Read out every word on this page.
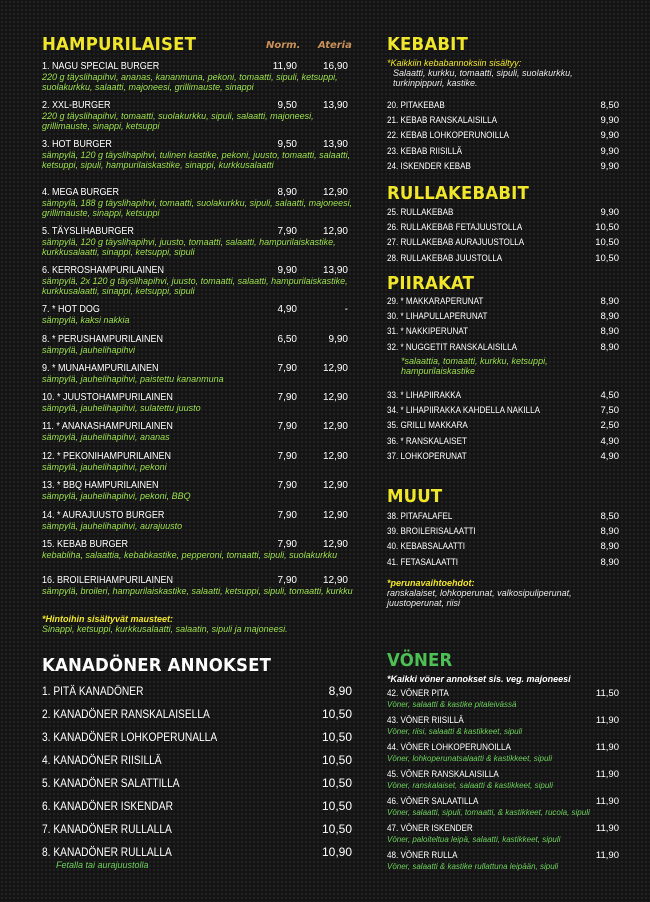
HAMPURILAISET	Norm. Ateria
1. NAGU SPECIAL BURGER	11,90	16,90
220 g täyslihapihvi, ananas, kananmuna, pekoni, tomaatti, sipuli, ketsuppi, suolakurkku, salaatti, majoneesi, grillimauste, sinappi
2. XXL-BURGER	9,50	13,90
220 g täyslihapihvi, tomaatti, suolakurkku, sipuli, salaatti, majoneesi, grillimauste, sinappi, ketsuppi
3. HOT BURGER	9,50	13,90
sämpylä, 120 g täyslihapihvi, tulinen kastike, pekoni, juusto, tomaatti, salaatti, ketsuppi, sipuli, hampurilaiskastike, sinappi, kurkkusalaatti
4. MEGA BURGER	8,90	12,90
sämpylä, 188 g täyslihapihvi, tomaatti, suolakurkku, sipuli, salaatti, majoneesi, grillimauste, sinappi, ketsuppi
5. TÄYSLIHABURGER	7,90	12,90
sämpylä, 120 g täyslihapihvi, juusto, tomaatti, salaatti, hampurilaiskastike, kurkkusalaatti, sinappi, ketsuppi, sipuli
6. KERROSHAMPURILAINEN	9,90	13,90
sämpylä, 2x 120 g täyslihapihvi, juusto, tomaatti, salaatti, hampurilaiskastike, kurkkusalaatti, sinappi, ketsuppi, sipuli
7. * HOT DOG	4,90	-
sämpylä, kaksi nakkia
8. * PERUSHAMPURILAINEN	6,50	9,90
sämpylä, jauhelihapihvi
9. * MUNAHAMPURILAINEN	7,90	12,90
sämpylä, jauhelihapihvi, paistettu kananmuna
10. * JUUSTOHAMPURILAINEN	7,90	12,90
sämpylä, jauhelihapihvi, sulatettu juusto
11. * ANANASHAMPURILAINEN	7,90	12,90
sämpylä, jauhelihapihvi, ananas
12. * PEKONIHAMPURILAINEN	7,90	12,90
sämpylä, jauhelihapihvi, pekoni
13. * BBQ HAMPURILAINEN	7,90	12,90
sämpylä, jauhelihapihvi, pekoni, BBQ
14. * AURAJUUSTO BURGER	7,90	12,90
sämpylä, jauhelihapihvi, aurajuusto
15. KEBAB BURGER	7,90	12,90
kebabliha, salaattia, kebabkastike, pepperoni, tomaatti, sipuli, suolakurkku
16. BROILERIHAMPURILAINEN	7,90	12,90
sämpylä, broileri, hampurilaiskastike, salaatti, ketsuppi, sipuli, tomaatti, kurkku
*Hintoihin sisältyvät mausteet:
Sinappi, ketsuppi, kurkkusalaatti, salaatin, sipuli ja majoneesi.
KANADÖNER ANNOKSET
1. PITÄ KANADÖNER	8,90
2. KANADÖNER RANSKALAISELLA	10,50
3. KANADÖNER LOHKOPERUNALLA	10,50
4. KANADÖNER RIISILLÄ	10,50
5. KANADÖNER SALATTILLA	10,50
6. KANADÖNER ISKENDAR	10,50
7. KANADÖNER RULLALLA	10,50
8. KANADÖNER RULLALLA	10,90
Fetalla tai aurajuustolla
KEBABIT
*Kaikkiin kebabannoksiin sisältyy:
Salaatti, kurkku, tomaatti, sipuli, suolakurkku, turkinpippuri, kastike.
20. PITAKEBAB	8,50
21. KEBAB RANSKALAISILLA	9,90
22. KEBAB LOHKOPERUNOILLA	9,90
23. KEBAB RIISILLÄ	9,90
24. ISKENDER KEBAB	9,90
RULLAKEBABIT
25. RULLAKEBAB	9,90
26. RULLAKEBAB FETAJUUSTOLLA	10,50
27. RULLAKEBAB AURAJUUSTOLLA	10,50
28. RULLAKEBAB JUUSTOLLA	10,50
PIIRAKAT
29. * MAKKARAPERUNAT	8,90
30. * LIHAPULLAPERUNAT	8,90
31. * NAKKIPERUNAT	8,90
32. * NUGGETIT RANSKALAISILLA	8,90
*salaattia, tomaatti, kurkku, ketsuppi, hampurilaiskastike
33. * LIHAPIIRAKKA	4,50
34. * LIHAPIIRAKKA KAHDELLA NAKILLA	7,50
35. GRILLI MAKKARA	2,50
36. * RANSKALAISET	4,90
37. LOHKOPERUNAT	4,90
MUUT
38. PITAFALAFEL	8,50
39. BROILERISALAATTI	8,90
40. KEBABSALAATTI	8,90
41. FETASALAATTI	8,90
*perunavaihtoehdot:
ranskalaiset, lohkoperunat, valkosipuliperunat, juustoperunat, riisi
VÖNER
*Kaikki vöner annokset sis. veg. majoneesi
42. VÖNER PITA	11,50
Vöner, salaatti & kastike pitaleivässä
43. VÖNER RIISILLÄ	11,90
Vöner, riisi, salaatti & kastikkeet, sipuli
44. VÖNER LOHKOPERUNOILLA	11,90
Vöner, lohkoperunatsalaatti & kastikkeet, sipuli
45. VÖNER RANSKALAISILLA	11,90
Vöner, ranskalaiset, salaatti & kastikkeet, sipuli
46. VÖNER SALAATILLA	11,90
Vöner, salaatti, sipuli, tomaatti, & kastikkeet, rucola, sipuli
47. VÖNER ISKENDER	11,90
Vöner, paloiteltua leipä, salaatti, kastikkeet, sipuli
48. VÖNER RULLA	11,90
Vöner, salaatti & kastike rullattuna leipään, sipuli
